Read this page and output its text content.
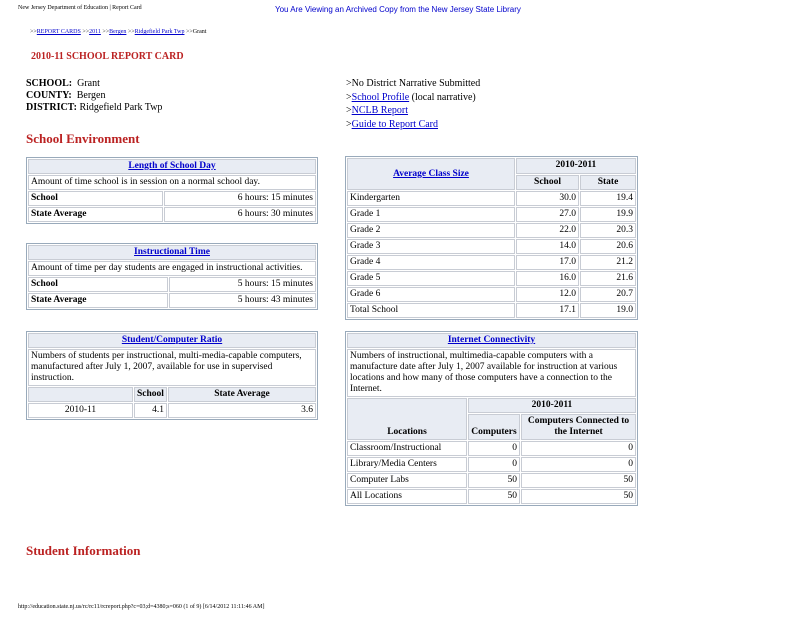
New Jersey Department of Education | Report Card	You Are Viewing an Archived Copy from the New Jersey State Library
>>REPORT CARDS >>2011 >>Bergen >>Ridgefield Park Twp >>Grant
2010-11 SCHOOL REPORT CARD
SCHOOL: Grant
COUNTY: Bergen
DISTRICT: Ridgefield Park Twp
>No District Narrative Submitted
>School Profile (local narrative)
>NCLB Report
>Guide to Report Card
School Environment
Length of School Day	
Amount of time school is in session on a normal school day.	
School	6 hours: 15 minutes
State Average	6 hours: 30 minutes
Instructional Time	
Amount of time per day students are engaged in instructional activities.	
School	5 hours: 15 minutes
State Average	5 hours: 43 minutes
Student/Computer Ratio		
Numbers of students per instructional, multi-media-capable computers, manufactured after July 1, 2007, available for use in supervised instruction.		
	School	State Average
2010-11	4.1	3.6
Average Class Size	2010-2011	
	School	State
Kindergarten	30.0	19.4
Grade 1	27.0	19.9
Grade 2	22.0	20.3
Grade 3	14.0	20.6
Grade 4	17.0	21.2
Grade 5	16.0	21.6
Grade 6	12.0	20.7
Total School	17.1	19.0
Internet Connectivity		
Numbers of instructional, multimedia-capable computers with a manufacture date after July 1, 2007 available for instruction at various locations and how many of those computers have a connection to the Internet.		
Locations	2010-2011	
	Computers	Computers Connected to the Internet
Classroom/Instructional	0	0
Library/Media Centers	0	0
Computer Labs	50	50
All Locations	50	50
Student Information
http://education.state.nj.us/rc/rc11/rcreport.php?c=03;d=4380;s=060 (1 of 9) [6/14/2012 11:11:46 AM]
